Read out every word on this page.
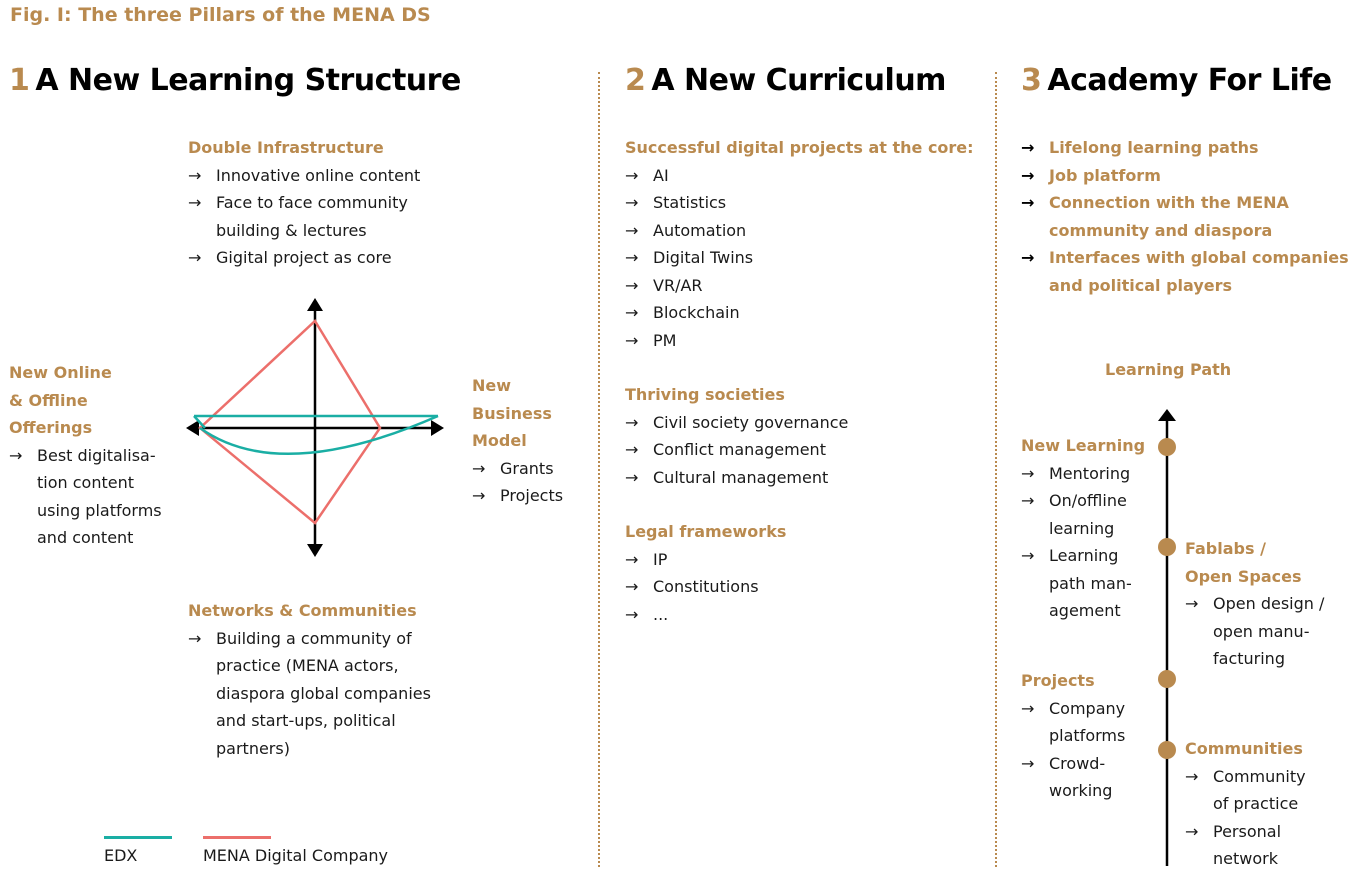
Fig. I: The three Pillars of the MENA DS
1 A New Learning Structure	2 A New Curriculum	3 Academy For Life
Double Infrastructure
→ Innovative online content
→ Face to face community
building & lectures
→ Gigital project as core
New Online
& Offline
Offerings
→ Best digitalisa-
tion content
using platforms
and content
New
Business
Model
→ Grants
→ Projects
Networks & Communities
→ Building a community of
practice (MENA actors,
diaspora global companies
and start-ups, political
partners)
EDX	MENA Digital Company
Successful digital projects at the core:
→ AI
→ Statistics
→ Automation
→ Digital Twins
→ VR/AR
→ Blockchain
→ PM
Thriving societies
→ Civil society governance
→ Conflict management
→ Cultural management
Legal frameworks
→ IP
→ Constitutions
→ ...
→ Lifelong learning paths
→ Job platform
→ Connection with the MENA
community and diaspora
→ Interfaces with global companies
and political players
Learning Path
New Learning
→ Mentoring
→ On/offline
learning
→ Learning
path man-
agement
Fablabs /
Open Spaces
→ Open design /
open manu-
facturing
Projects
→ Company
platforms
→ Crowd-
working
Communities
→ Community
of practice
→ Personal
network
